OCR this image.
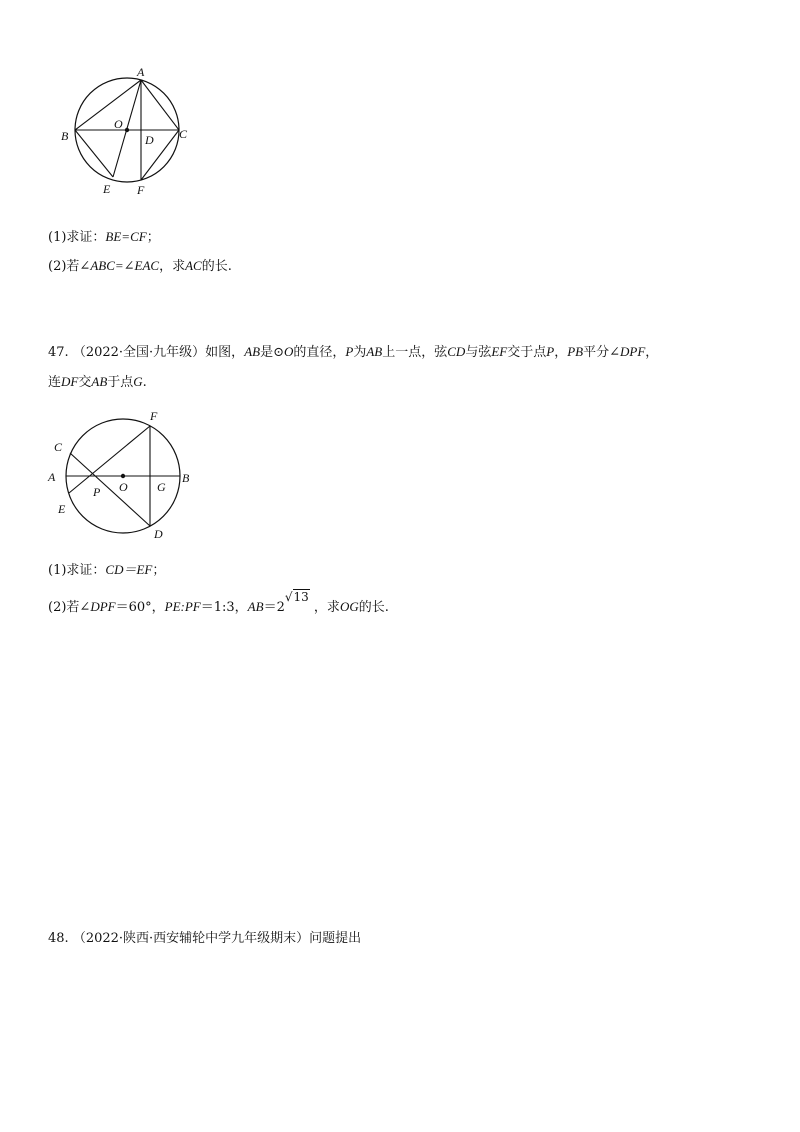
A
B	C
O
D
E F
(1)求证：BE=CF；
(2)若∠ABC=∠EAC，求AC的长.
47. （2022·全国·九年级）如图，AB是⊙O的直径，P为AB上一点，弦CD与弦EF交于点P，PB平分∠DPF，
连DF交AB于点G.
F
C
A
O G
B
P
E
D
(1)求证：CD＝EF；
(2)若∠DPF＝60°，PE:PF＝1:3，AB＝2√13 ，求OG的长.
48. （2022·陕西·西安辅轮中学九年级期末）问题提出
